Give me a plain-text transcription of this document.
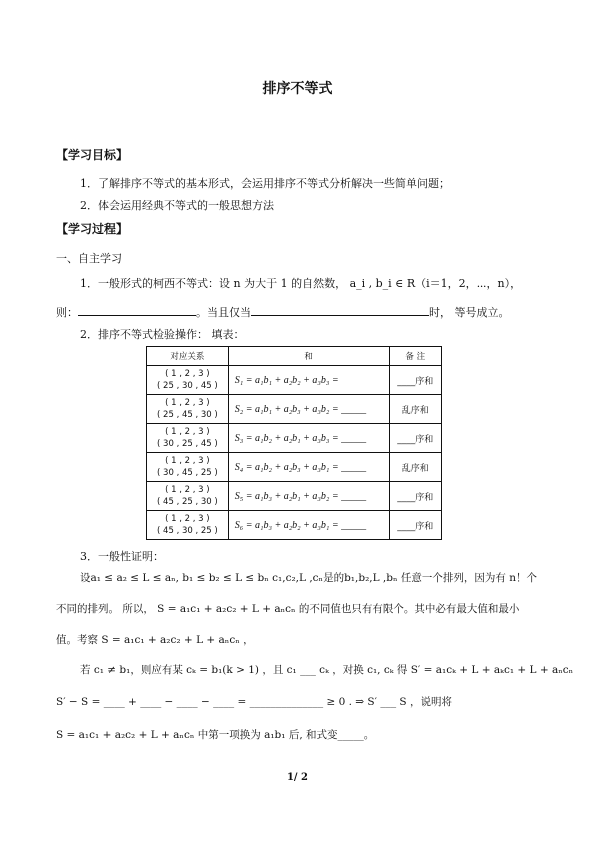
排序不等式
【学习目标】
1．了解排序不等式的基本形式，会运用排序不等式分析解决一些简单问题；
2．体会运用经典不等式的一般思想方法
【学习过程】
一、自主学习
1．一般形式的柯西不等式：设 n 为大于 1 的自然数， a_i , b_i ∈ R（i＝1，2，⋯，n），
则：	。当且仅当	时， 等号成立。
2．排序不等式检验操作： 填表：
对应关系	和	备 注

( 1 , 2 , 3 )
( 25 , 30 , 45 )	S₁ = a₁b₁ + a₂b₂ + a₃b₃ =	____序和

( 1 , 2 , 3 )
( 25 , 45 , 30 )	S₂ = a₁b₁ + a₂b₃ + a₃b₂ = _____	乱序和

( 1 , 2 , 3 )
( 30 , 25 , 45 )	S₃ = a₁b₂ + a₂b₁ + a₃b₃ = _____	____序和

( 1 , 2 , 3 )
( 30 , 45 , 25 )	S₄ = a₁b₂ + a₂b₃ + a₃b₁ = _____	乱序和

( 1 , 2 , 3 )
( 45 , 25 , 30 )	S₅ = a₁b₃ + a₂b₁ + a₃b₂ = _____	____序和

( 1 , 2 , 3 )
( 45 , 30 , 25 )	S₆ = a₁b₃ + a₂b₂ + a₃b₁ = _____	____序和
3．一般性证明：
设a₁ ≤ a₂ ≤ L ≤ aₙ, b₁ ≤ b₂ ≤ L ≤ bₙ c₁,c₂,L ,cₙ是的b₁,b₂,L ,bₙ 任意一个排列，因为有 n！个
不同的排列。 所以， S = a₁c₁ + a₂c₂ + L + aₙcₙ 的不同值也只有有限个。其中必有最大值和最小
值。考察 S = a₁c₁ + a₂c₂ + L + aₙcₙ ，
若 c₁ ≠ b₁，则应有某 cₖ = b₁(k > 1) ，且 c₁ ___ cₖ ，对换 c₁, cₖ 得 S′ = a₁cₖ + L + aₖc₁ + L + aₙcₙ
S′ − S = ____ + ____ − ____ − ____ = ______________ ≥ 0 . ⇒ S′ ___ S ，说明将
S = a₁c₁ + a₂c₂ + L + aₙcₙ 中第一项换为 a₁b₁ 后, 和式变_____。
1/ 2
